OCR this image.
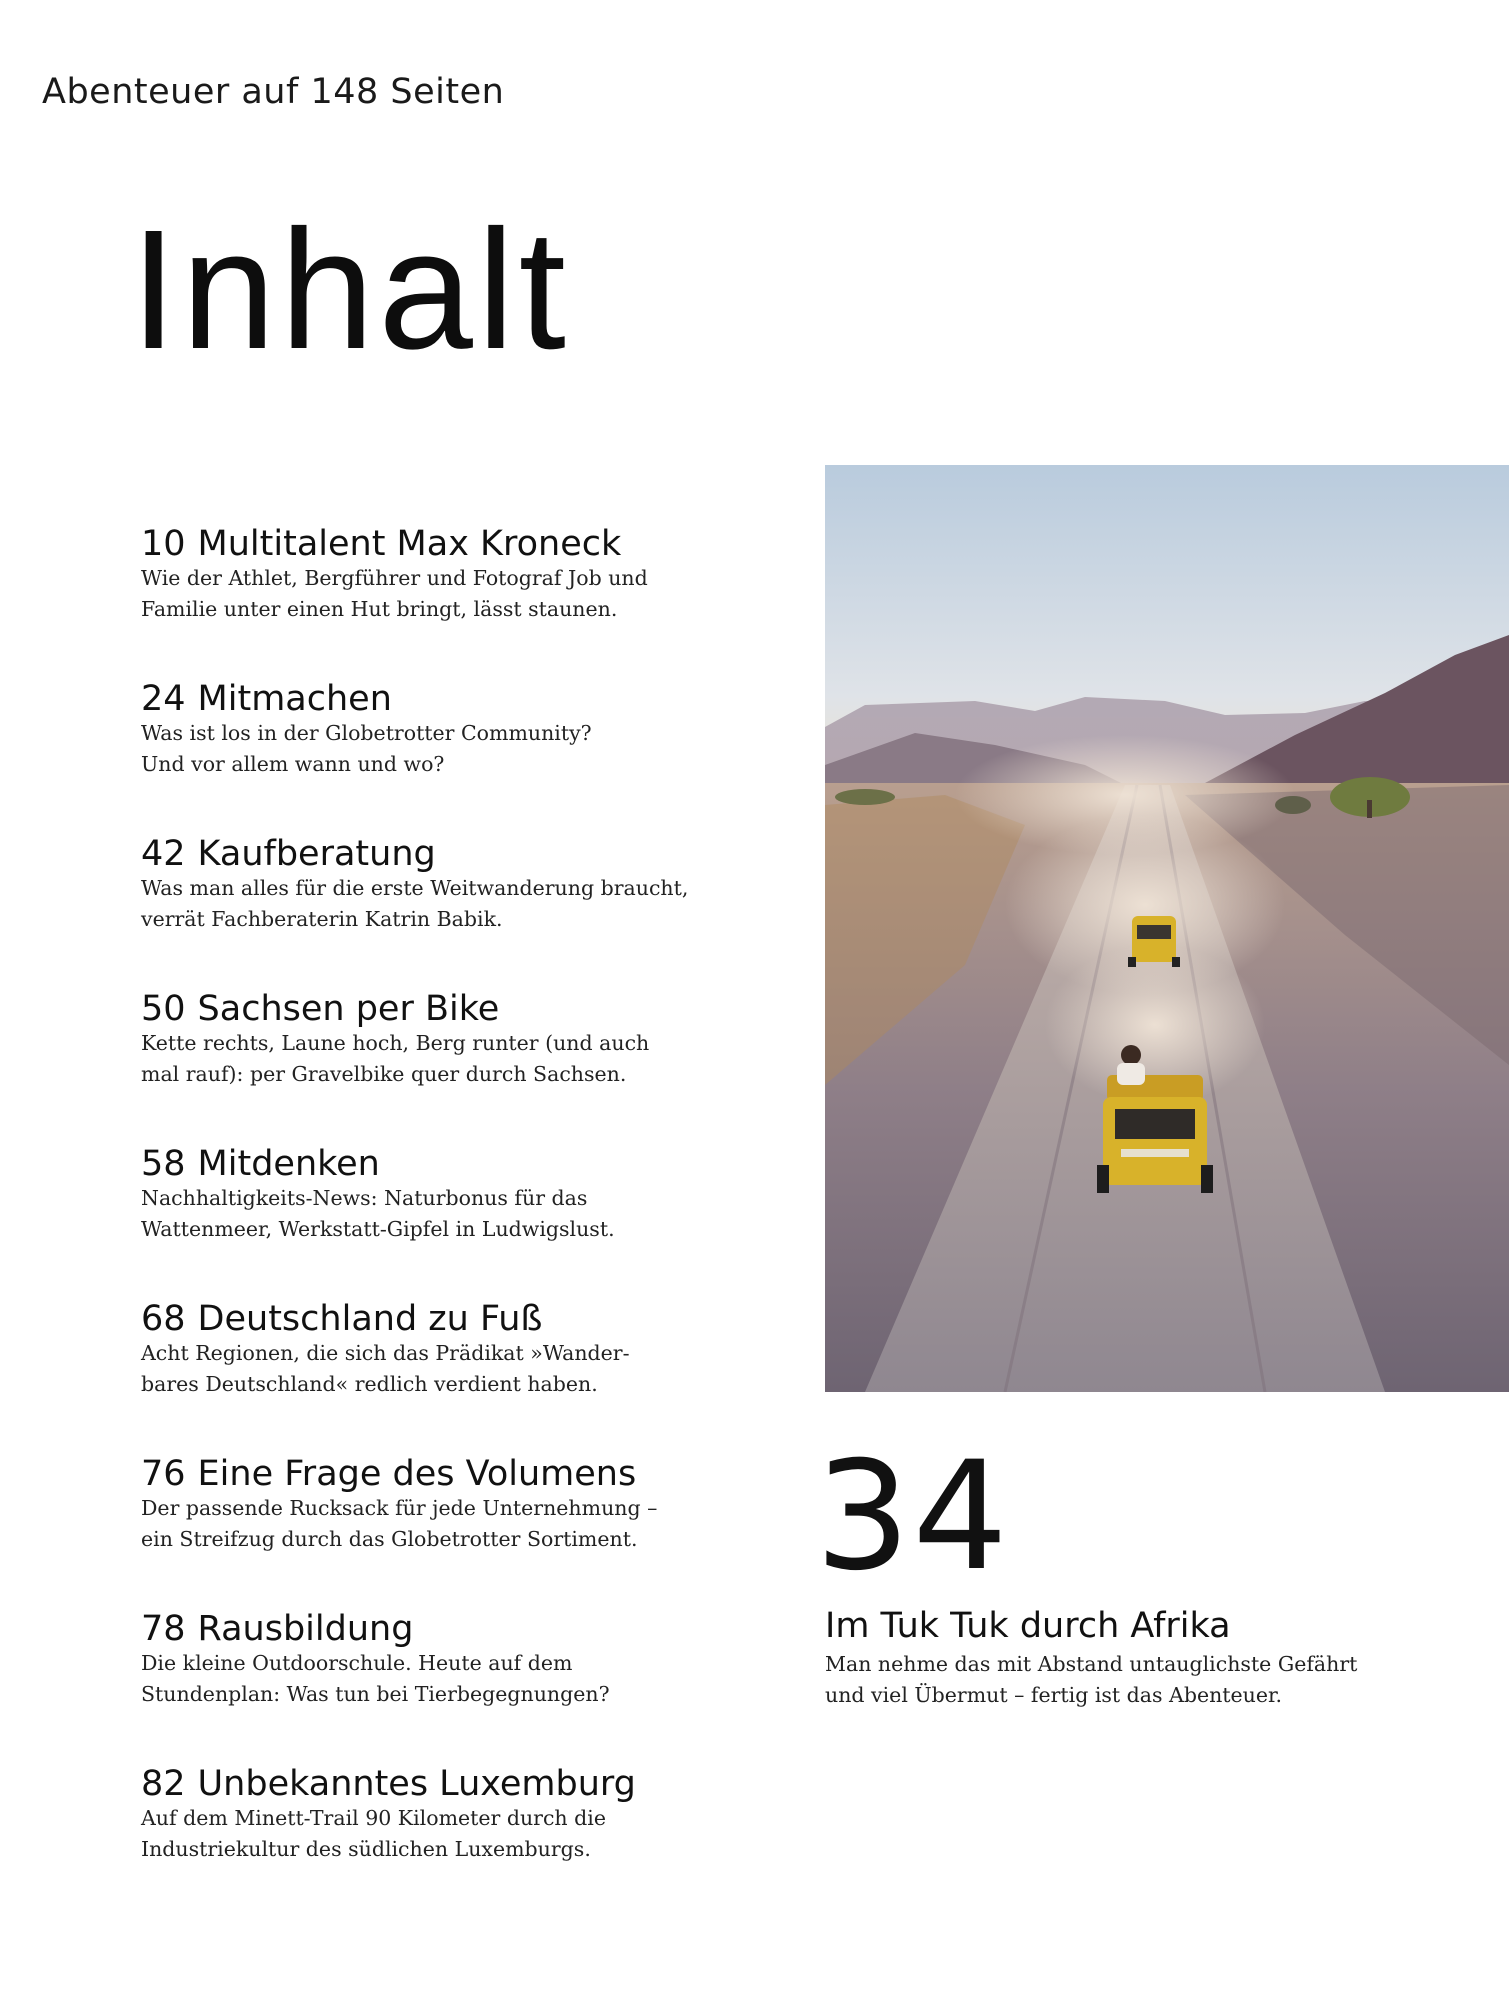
Abenteuer auf 148 Seiten
Inhalt
10 Multitalent Max Kroneck
Wie der Athlet, Bergführer und Fotograf Job und
Familie unter einen Hut bringt, lässt staunen.
24 Mitmachen
Was ist los in der Globetrotter Community?
Und vor allem wann und wo?
42 Kaufberatung
Was man alles für die erste Weitwanderung braucht,
verrät Fachberaterin Katrin Babik.
50 Sachsen per Bike
Kette rechts, Laune hoch, Berg runter (und auch
mal rauf): per Gravelbike quer durch Sachsen.
58 Mitdenken
Nachhaltigkeits-News: Naturbonus für das
Wattenmeer, Werkstatt-Gipfel in Ludwigslust.
68 Deutschland zu Fuß
Acht Regionen, die sich das Prädikat »Wander-
bares Deutschland« redlich verdient haben.
76 Eine Frage des Volumens
Der passende Rucksack für jede Unternehmung –
ein Streifzug durch das Globetrotter Sortiment.
78 Rausbildung
Die kleine Outdoorschule. Heute auf dem
Stundenplan: Was tun bei Tierbegegnungen?
82 Unbekanntes Luxemburg
Auf dem Minett-Trail 90 Kilometer durch die
Industriekultur des südlichen Luxemburgs.
34
Im Tuk Tuk durch Afrika
Man nehme das mit Abstand untauglichste Gefährt
und viel Übermut – fertig ist das Abenteuer.
